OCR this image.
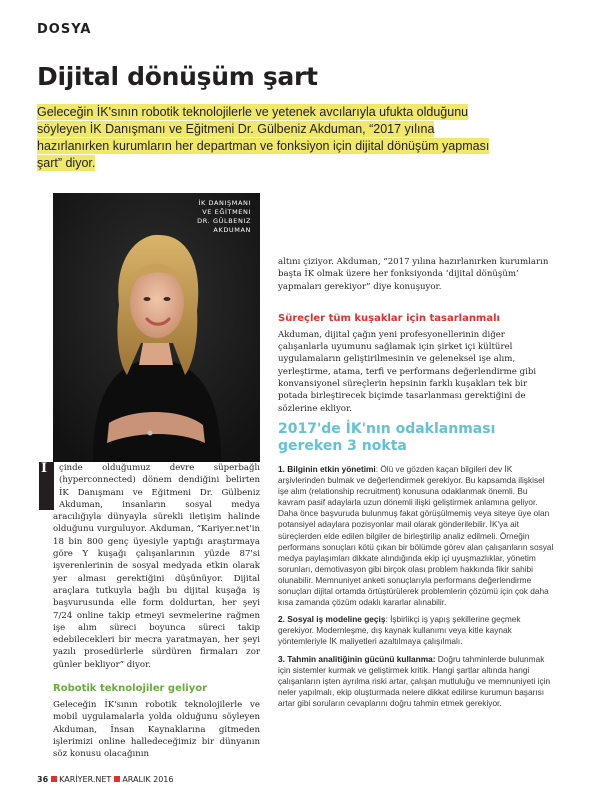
DOSYA
Dijital dönüşüm şart

Geleceğin İK'sının robotik teknolojilerle ve yetenek avcılarıyla ufukta olduğunu söyleyen İK Danışmanı ve Eğitmeni Dr. Gülbeniz Akduman, “2017 yılına hazırlanırken kurumların her departman ve fonksiyon için dijital dönüşüm yapması şart” diyor.

İK DANIŞMANI
VE EĞİTMENI
DR. GÜLBENIZ
AKDUMAN
İ	çinde olduğumuz devre süperbağlı (hyperconnected) dönem dendiğini belirten İK Danışmanı ve Eğitmeni Dr. Gülbeniz Akduman, insanların sosyal medya aracılığıyla dünyayla sürekli iletişim halinde olduğunu vurguluyor. Akduman, “Kariyer.net'in 18 bin 800 genç üyesiyle yaptığı araştırmaya göre Y kuşağı çalışanlarının yüzde 87'si işverenlerinin de sosyal medyada etkin olarak yer alması gerektiğini düşünüyor. Dijital araçlara tutkuyla bağlı bu dijital kuşağa iş başvurusunda elle form doldurtan, her şeyi 7/24 online takip etmeyi sevmelerine rağmen işe alım süreci boyunca süreci takip edebilecekleri bir mecra yaratmayan, her şeyi yazılı prosedürlerle sürdüren firmaları zor günler bekliyor” diyor.

Robotik teknolojiler geliyor

Geleceğin İK'sının robotik teknolojilerle ve mobil uygulamalarla yolda olduğunu söyleyen Akduman, İnsan Kaynaklarına gitmeden işlerimizi online halledeceğimiz bir dünyanın söz konusu olacağının

altını çiziyor. Akduman, “2017 yılına hazırlanırken kurumların başta İK olmak üzere her fonksiyonda ‘dijital dönüşüm’ yapmaları gerekiyor” diye konuşuyor.

Süreçler tüm kuşaklar için tasarlanmalı

Akduman, dijital çağın yeni profesyonellerinin diğer çalışanlarla uyumunu sağlamak için şirket içi kültürel uygulamaların geliştirilmesinin ve geleneksel işe alım, yerleştirme, atama, terfi ve performans değerlendirme gibi konvansiyonel süreçlerin hepsinin farklı kuşakları tek bir potada birleştirecek biçimde tasarlanması gerektiğini de sözlerine ekliyor.

2017'de İK'nın odaklanması gereken 3 nokta

1. Bilginin etkin yönetimi: Ölü ve gözden kaçan bilgileri dev İK arşivlerinden bulmak ve değerlendirmek gerekiyor. Bu kapsamda ilişkisel işe alım (relationship recruitment) konusuna odaklanmak önemli. Bu kavram pasif adaylarla uzun dönemli ilişki geliştirmek anlamına geliyor. Daha önce başvuruda bulunmuş fakat görüşülmemiş veya siteye üye olan potansiyel adaylara pozisyonlar mail olarak gönderilebilir. İK'ya ait süreçlerden elde edilen bilgiler de birleştirilip analiz edilmeli. Örneğin performans sonuçları kötü çıkan bir bölümde görev alan çalışanların sosyal medya paylaşımları dikkate alındığında ekip içi uyuşmazlıklar, yönetim sorunları, demotivasyon gibi birçok olası problem hakkında fikir sahibi olunabilir. Memnuniyet anketi sonuçlarıyla performans değerlendirme sonuçları dijital ortamda örtüştürülerek problemlerin çözümü için çok daha kısa zamanda çözüm odaklı kararlar alınabilir.

2. Sosyal iş modeline geçiş: İşbirlikçi iş yapış şekillerine geçmek gerekiyor. Modernleşme, dış kaynak kullanımı veya kitle kaynak yöntemleriyle İK maliyetleri azaltılmaya çalışılmalı.

3. Tahmin analitiğinin gücünü kullanma: Doğru tahminlerde bulunmak için sistemler kurmak ve geliştirmek kritik. Hangi şartlar altında hangi çalışanların işten ayrılma riski artar, çalışan mutluluğu ve memnuniyeti için neler yapılmalı, ekip oluşturmada nelere dikkat edilirse kurumun başarısı artar gibi soruların cevaplarını doğru tahmin etmek gerekiyor.

36 KARİYER.NET ARALIK 2016
